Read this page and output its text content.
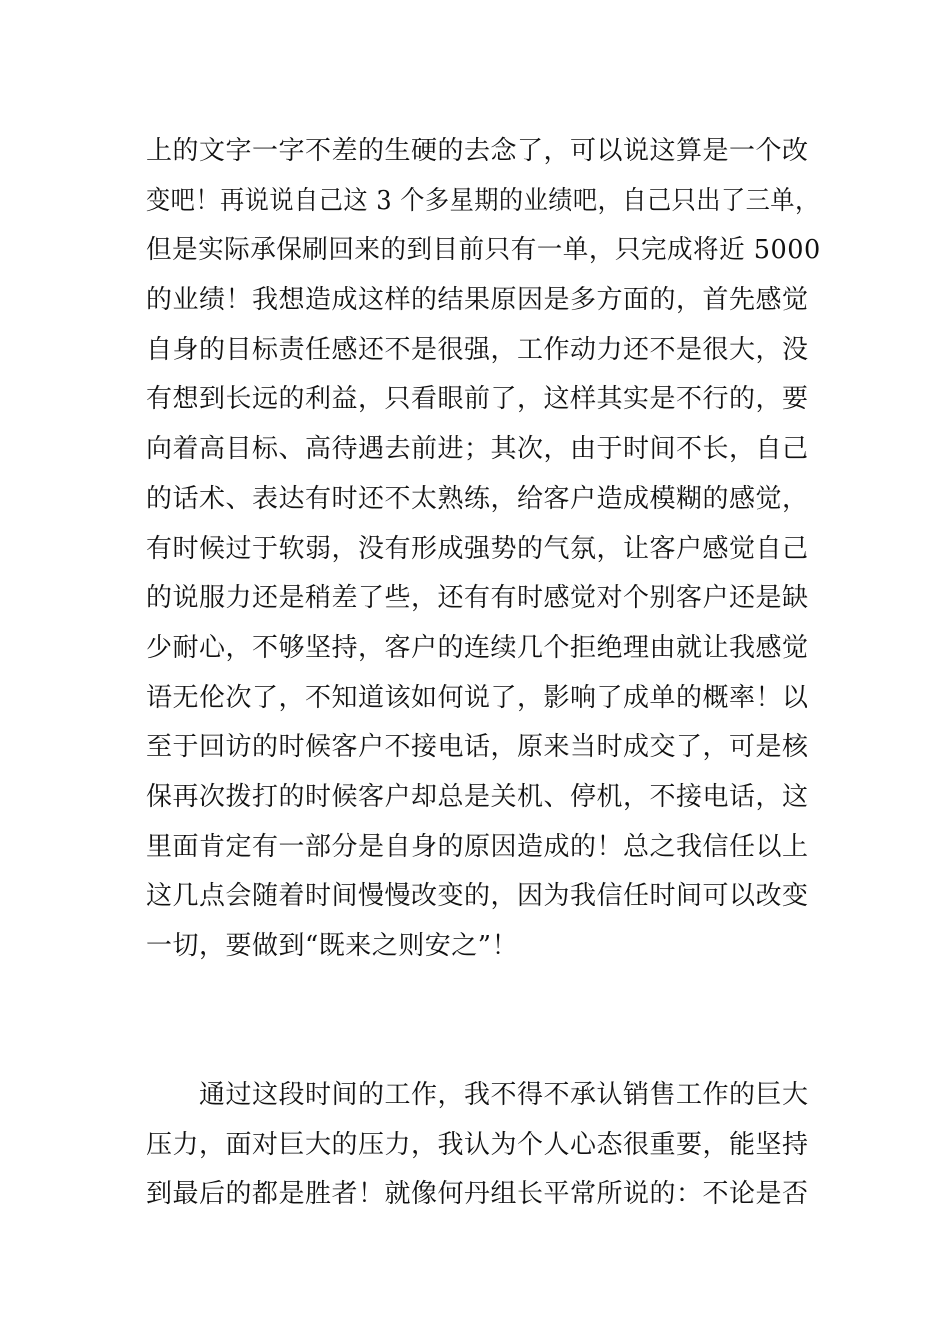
上的文字一字不差的生硬的去念了，可以说这算是一个改
变吧！再说说自己这 3 个多星期的业绩吧，自己只出了三单，
但是实际承保刷回来的到目前只有一单，只完成将近 5000
的业绩！我想造成这样的结果原因是多方面的，首先感觉
自身的目标责任感还不是很强，工作动力还不是很大，没
有想到长远的利益，只看眼前了，这样其实是不行的，要
向着高目标、高待遇去前进；其次，由于时间不长，自己
的话术、表达有时还不太熟练，给客户造成模糊的感觉，
有时候过于软弱，没有形成强势的气氛，让客户感觉自己
的说服力还是稍差了些，还有有时感觉对个别客户还是缺
少耐心，不够坚持，客户的连续几个拒绝理由就让我感觉
语无伦次了，不知道该如何说了，影响了成单的概率！以
至于回访的时候客户不接电话，原来当时成交了，可是核
保再次拨打的时候客户却总是关机、停机，不接电话，这
里面肯定有一部分是自身的原因造成的！总之我信任以上
这几点会随着时间慢慢改变的，因为我信任时间可以改变
一切，要做到“既来之则安之”！
通过这段时间的工作，我不得不承认销售工作的巨大
压力，面对巨大的压力，我认为个人心态很重要，能坚持
到最后的都是胜者！就像何丹组长平常所说的：不论是否
